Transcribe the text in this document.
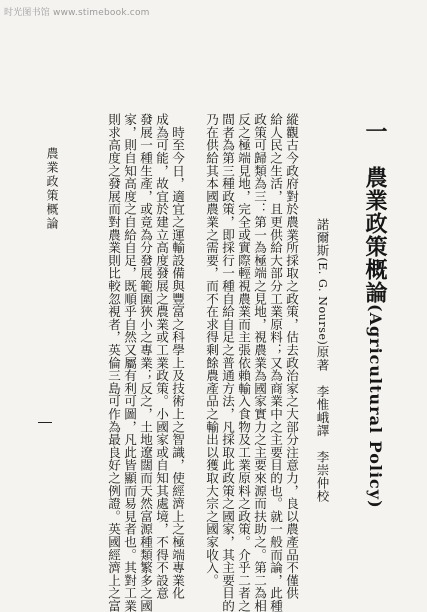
时光图书馆 www.stimebook.com
一　農業政策概論(Agricultural Policy)
諾爾斯(E. G. Nourse)原著　李惟峨譯　李崇仲校
縱觀古今政府對於農業所採取之政策，估去政治家之大部分注意力，良以農產品不僅供
給人民之生活，且更供給大部分工業原料；又為商業中之主要目的也。就一般而論，此種
政策可歸類為三：第一為極端之見地，視農業為國家實力之主要來源而扶助之。第二為相
反之極端見地，完全或實際輕視農業而主張依賴輸入食物及工業原料之政策。介乎二者之
間者為第三種政策，即採行一種自給自足之普通方法，凡採取此政策之國家，其主要目的
乃在供給其本國農業之需要，而不在求得剩餘農產品之輸出以獲取大宗之國家收入。
　時至今日，適宜之運輸設備與豐富之科學上及技術上之智識，使經濟上之極端專業化
成為可能，故宜於建立高度發展之農業或工業政策。小國家或自知其處境，不得不設意
發展一種生產，或竟為分發展範圍狹小之專業；反之，土地遼闊而天然富源種類繁多之國
家，則自知高度之自給自足，既順乎自然又屬有利可圖，凡此皆顯而易見者也。其對工業
則求高度之發展而對農業則比較忽視者，英倫三島可作為最良好之例證。英國經濟上之富
農業政策概論
